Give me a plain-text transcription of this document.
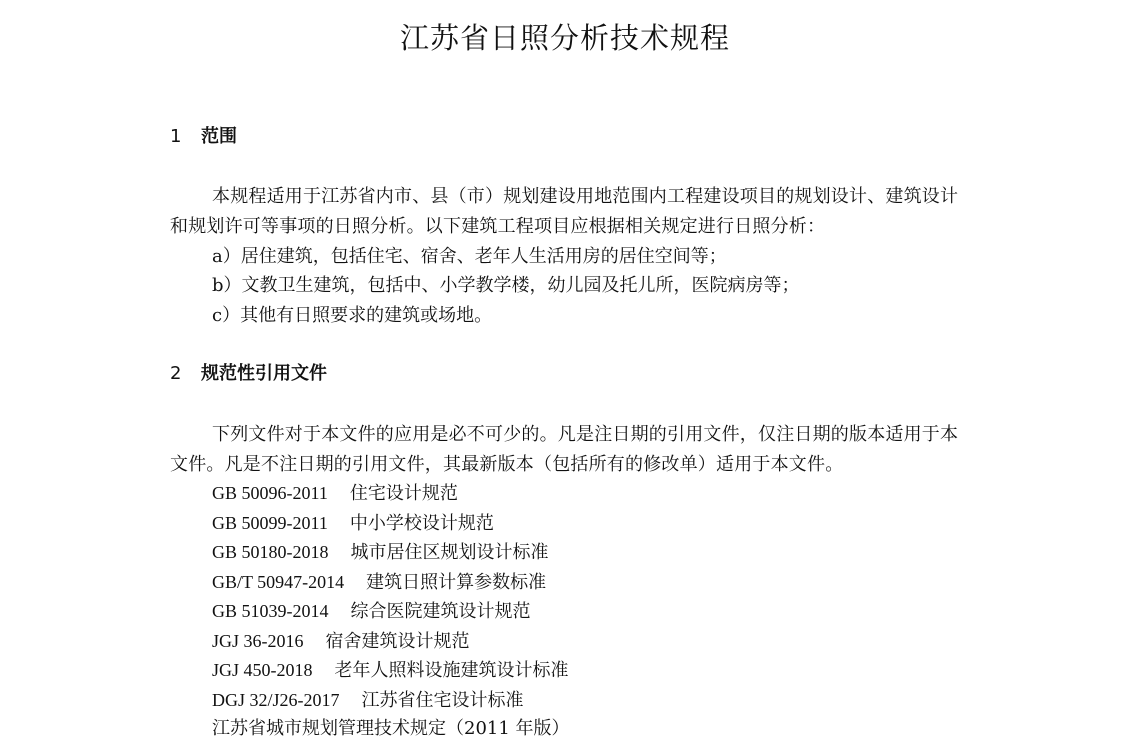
江苏省日照分析技术规程
1 范围
本规程适用于江苏省内市、县（市）规划建设用地范围内工程建设项目的规划设计、建筑设计和规划许可等事项的日照分析。以下建筑工程项目应根据相关规定进行日照分析：
a）居住建筑，包括住宅、宿舍、老年人生活用房的居住空间等；
b）文教卫生建筑，包括中、小学教学楼，幼儿园及托儿所，医院病房等；
c）其他有日照要求的建筑或场地。
2 规范性引用文件
下列文件对于本文件的应用是必不可少的。凡是注日期的引用文件，仅注日期的版本适用于本文件。凡是不注日期的引用文件，其最新版本（包括所有的修改单）适用于本文件。
GB 50096-2011 住宅设计规范
GB 50099-2011 中小学校设计规范
GB 50180-2018 城市居住区规划设计标准
GB/T 50947-2014 建筑日照计算参数标准
GB 51039-2014 综合医院建筑设计规范
JGJ 36-2016 宿舍建筑设计规范
JGJ 450-2018 老年人照料设施建筑设计标准
DGJ 32/J26-2017 江苏省住宅设计标准
江苏省城市规划管理技术规定（2011 年版）
